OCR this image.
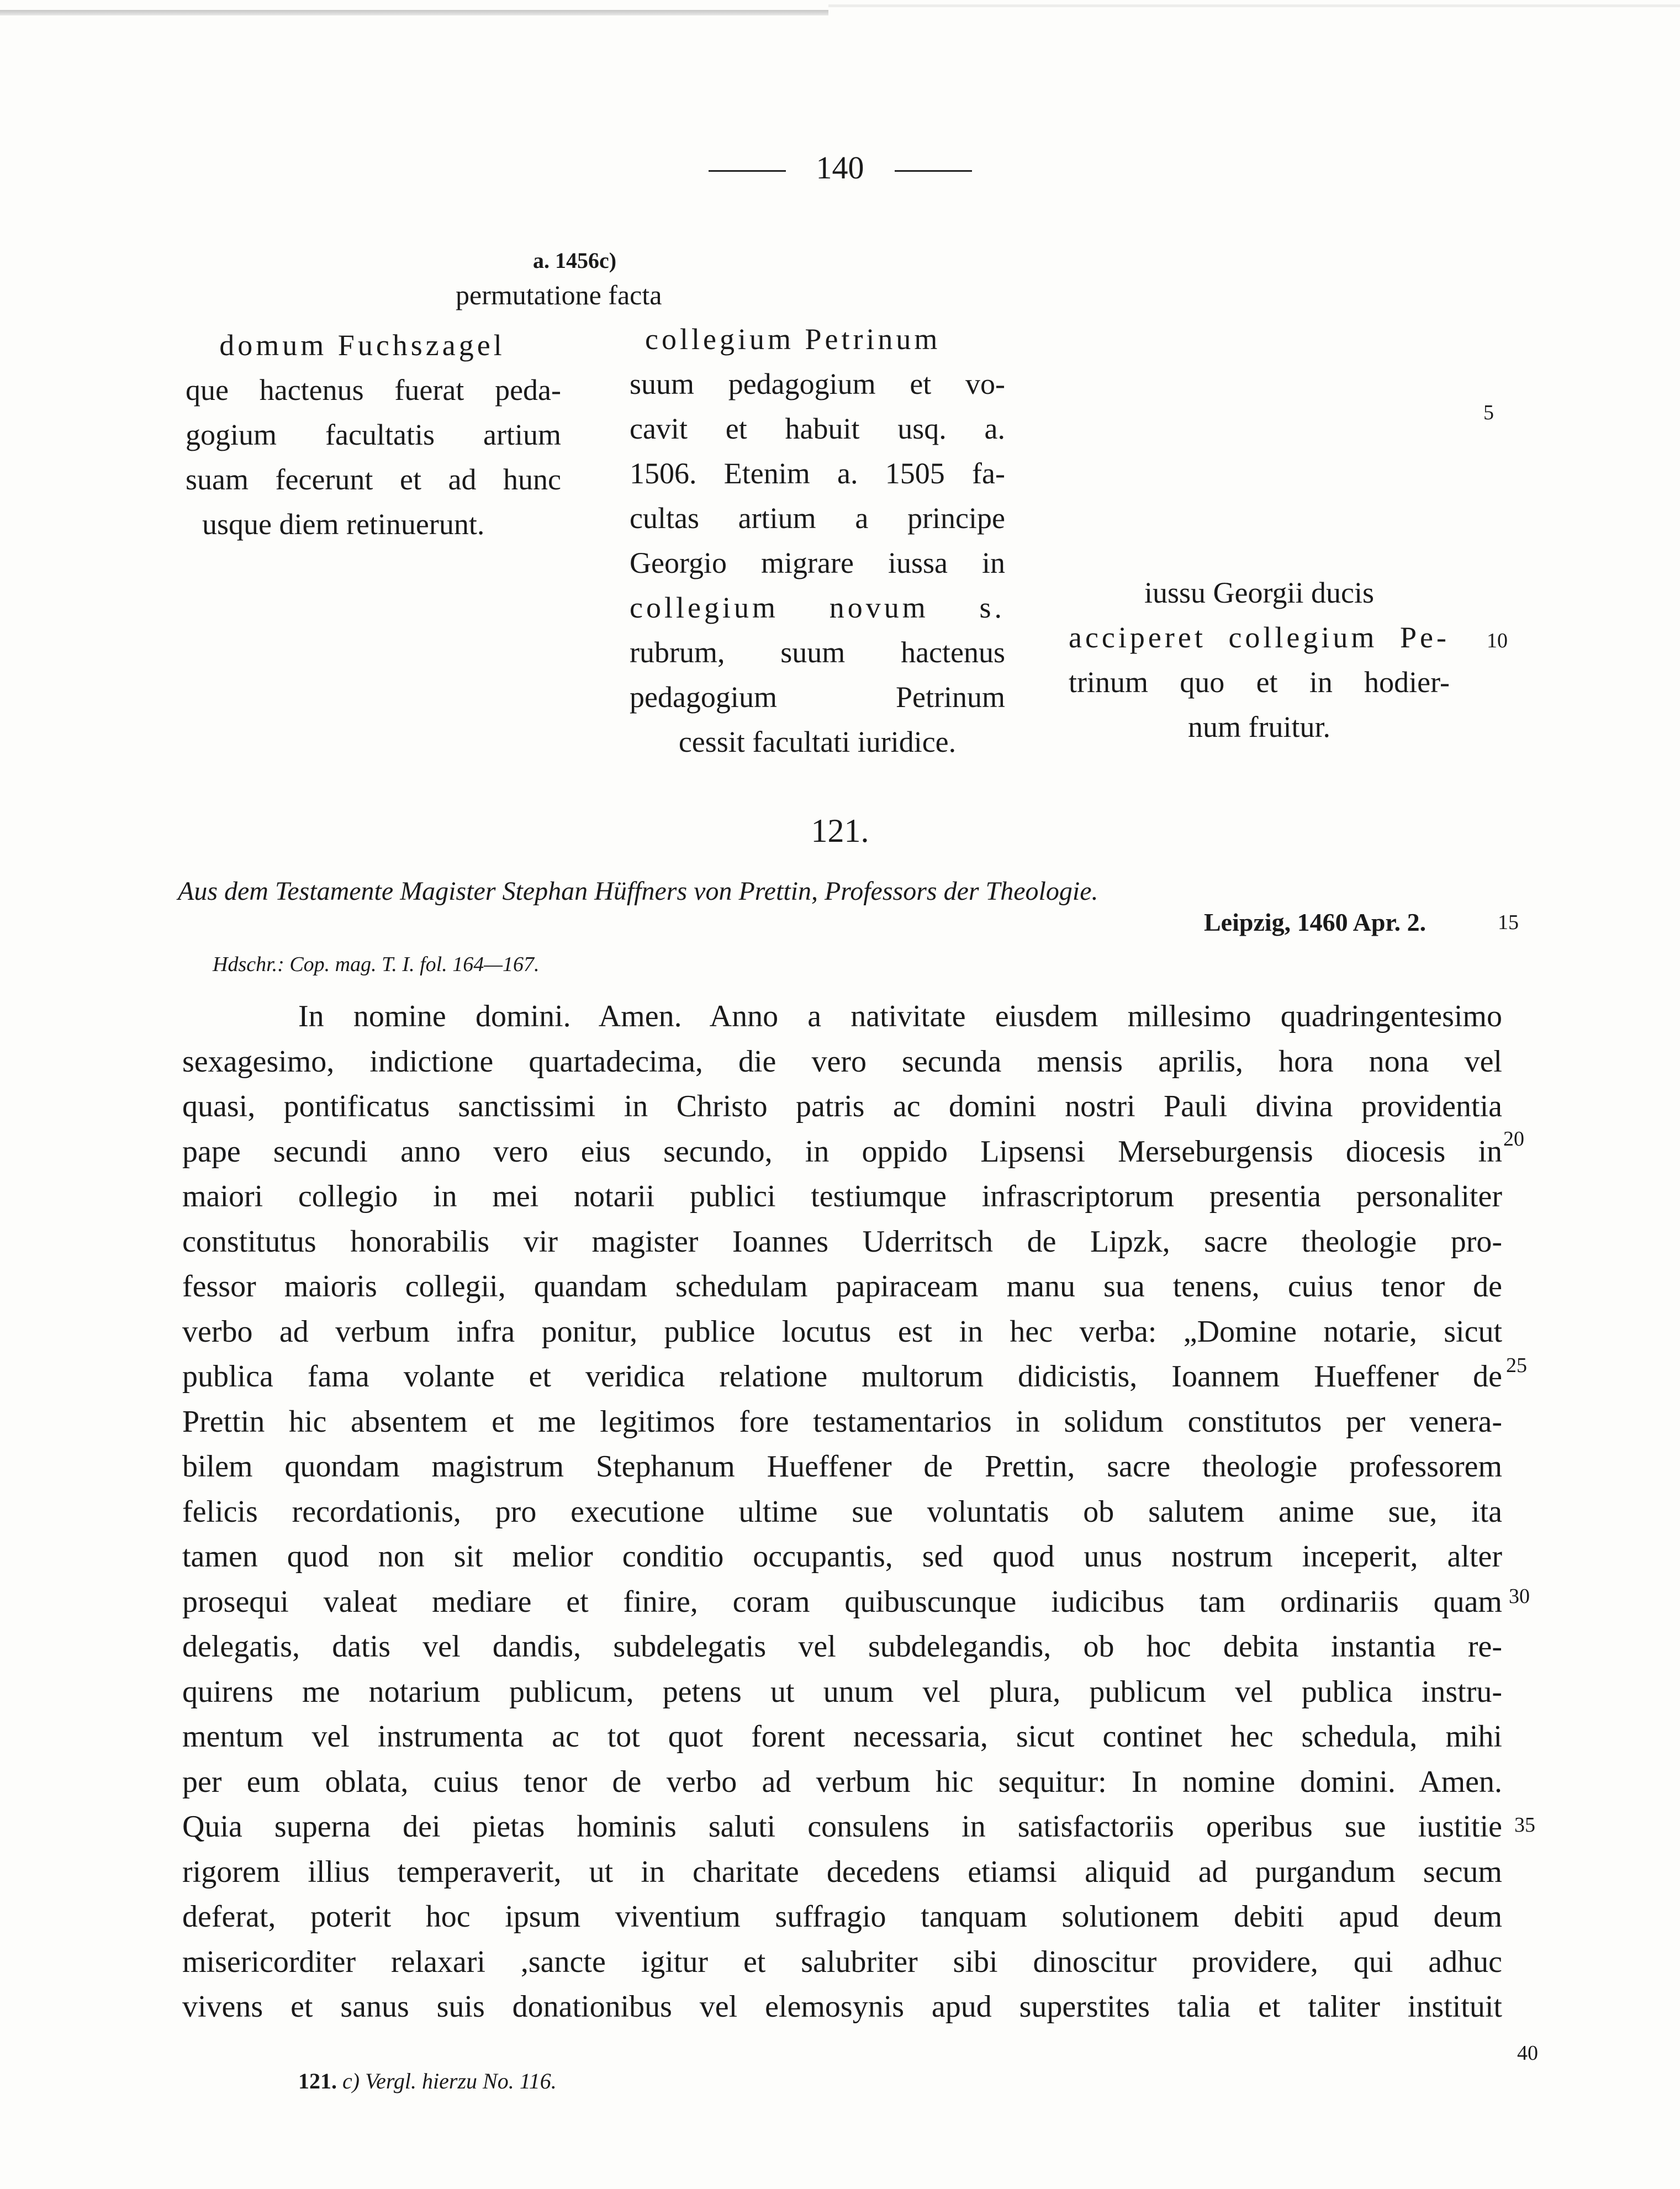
140
a. 1456c)
permutatione facta
domum Fuchszagel
que hactenus fuerat peda-
gogium facultatis artium
suam fecerunt et ad hunc
usque diem retinuerunt.
collegium Petrinum
suum pedagogium et vo-
cavit et habuit usq. a.
1506. Etenim a. 1505 fa-
cultas artium a principe
Georgio migrare iussa in
collegium novum s.
rubrum, suum hactenus
pedagogium Petrinum
cessit facultati iuridice.
iussu Georgii ducis
acciperet collegium Pe-
trinum quo et in hodier-
num fruitur.
5
10
121.
Aus dem Testamente Magister Stephan Hüffners von Prettin, Professors der Theologie.
Leipzig, 1460 Apr. 2.
Hdschr.: Cop. mag. T. I. fol. 164—167.
In nomine domini. Amen. Anno a nativitate eiusdem millesimo quadringentesimo
sexagesimo, indictione quartadecima, die vero secunda mensis aprilis, hora nona vel
quasi, pontificatus sanctissimi in Christo patris ac domini nostri Pauli divina providentia
pape secundi anno vero eius secundo, in oppido Lipsensi Merseburgensis diocesis in
maiori collegio in mei notarii publici testiumque infrascriptorum presentia personaliter
constitutus honorabilis vir magister Ioannes Uderritsch de Lipzk, sacre theologie pro-
fessor maioris collegii, quandam schedulam papiraceam manu sua tenens, cuius tenor de
verbo ad verbum infra ponitur, publice locutus est in hec verba: „Domine notarie, sicut
publica fama volante et veridica relatione multorum didicistis, Ioannem Hueffener de
Prettin hic absentem et me legitimos fore testamentarios in solidum constitutos per venera-
bilem quondam magistrum Stephanum Hueffener de Prettin, sacre theologie professorem
felicis recordationis, pro executione ultime sue voluntatis ob salutem anime sue, ita
tamen quod non sit melior conditio occupantis, sed quod unus nostrum inceperit, alter
prosequi valeat mediare et finire, coram quibuscunque iudicibus tam ordinariis quam
delegatis, datis vel dandis, subdelegatis vel subdelegandis, ob hoc debita instantia re-
quirens me notarium publicum, petens ut unum vel plura, publicum vel publica instru-
mentum vel instrumenta ac tot quot forent necessaria, sicut continet hec schedula, mihi
per eum oblata, cuius tenor de verbo ad verbum hic sequitur: In nomine domini. Amen.
Quia superna dei pietas hominis saluti consulens in satisfactoriis operibus sue iustitie
rigorem illius temperaverit, ut in charitate decedens etiamsi aliquid ad purgandum secum
deferat, poterit hoc ipsum viventium suffragio tanquam solutionem debiti apud deum
misericorditer relaxari ,sancte igitur et salubriter sibi dinoscitur providere, qui adhuc
vivens et sanus suis donationibus vel elemosynis apud superstites talia et taliter instituit
15
20
25
30
35
40
121. c) Vergl. hierzu No. 116.
